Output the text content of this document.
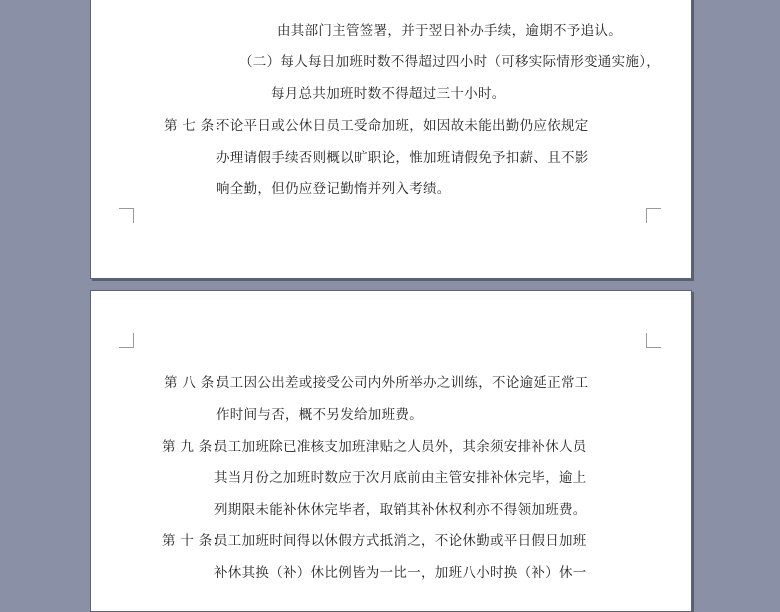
由其部门主管签署，并于翌日补办手续，逾期不予追认。
（二）每人每日加班时数不得超过四小时（可移实际情形变通实施），
每月总共加班时数不得超过三十小时。
第 七 条：
不论平日或公休日员工受命加班，如因故未能出勤仍应依规定
办理请假手续否则概以旷职论，惟加班请假免予扣薪、且不影
响全勤，但仍应登记勤惰并列入考绩。
第 八 条：
员工因公出差或接受公司内外所举办之训练，不论逾延正常工
作时间与否，概不另发给加班费。
第 九 条：
员工加班除已准核支加班津贴之人员外，其余须安排补休人员
其当月份之加班时数应于次月底前由主管安排补休完毕，逾上
列期限未能补休休完毕者，取销其补休权利亦不得领加班费。
第 十 条：
员工加班时间得以休假方式抵消之，不论休勤或平日假日加班
补休其换（补）休比例皆为一比一，加班八小时换（补）休一
